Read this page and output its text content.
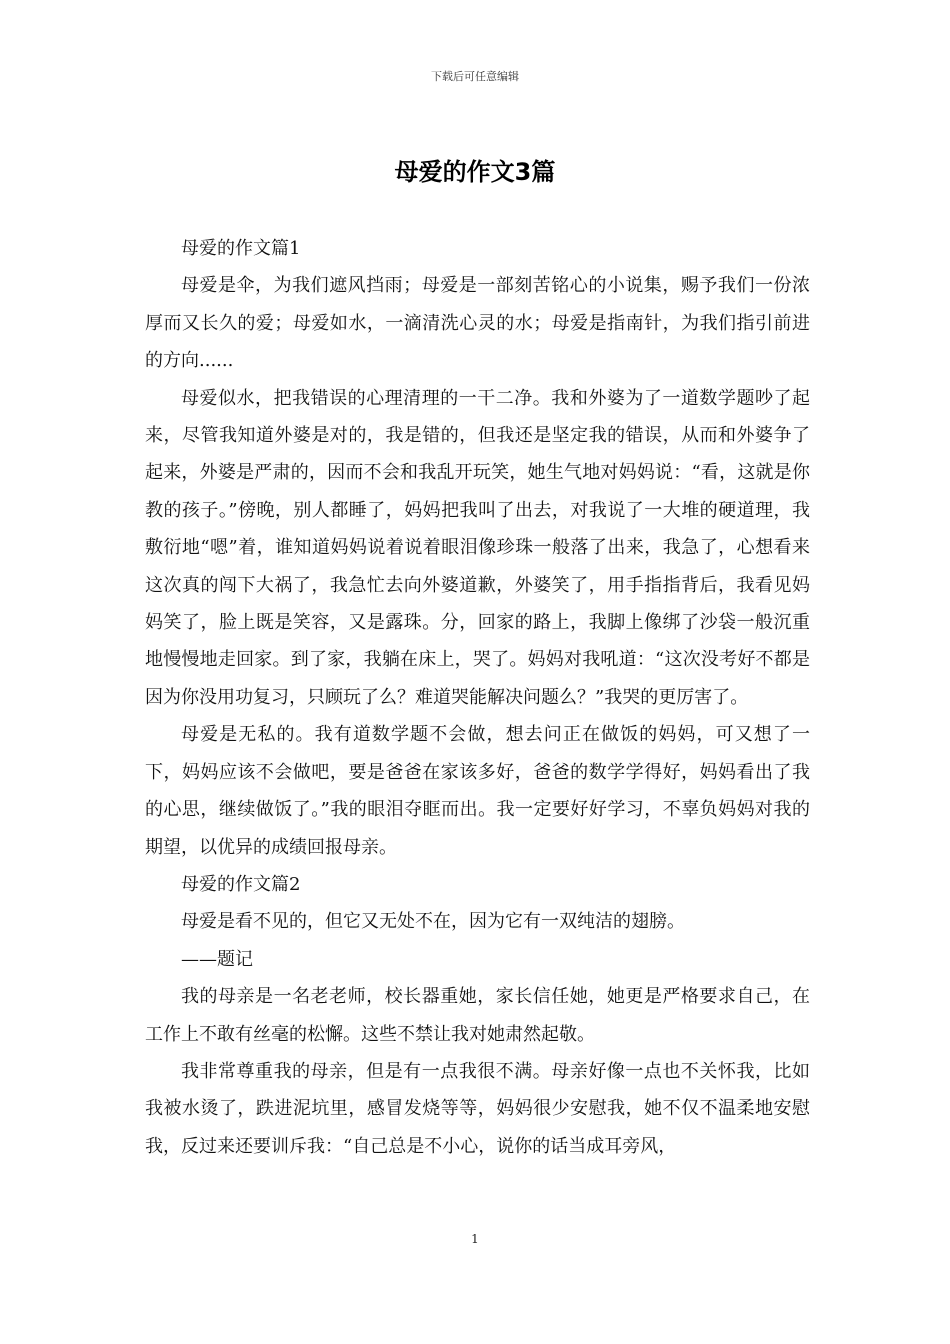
下载后可任意编辑
母爱的作文3篇

母爱的作文篇1

母爱是伞，为我们遮风挡雨；母爱是一部刻苦铭心的小说集，赐予我们一份浓厚而又长久的爱；母爱如水，一滴清洗心灵的水；母爱是指南针，为我们指引前进的方向......

母爱似水，把我错误的心理清理的一干二净。我和外婆为了一道数学题吵了起来，尽管我知道外婆是对的，我是错的，但我还是坚定我的错误，从而和外婆争了起来，外婆是严肃的，因而不会和我乱开玩笑，她生气地对妈妈说：“看，这就是你教的孩子。”傍晚，别人都睡了，妈妈把我叫了出去，对我说了一大堆的硬道理，我敷衍地“嗯”着，谁知道妈妈说着说着眼泪像珍珠一般落了出来，我急了，心想看来这次真的闯下大祸了，我急忙去向外婆道歉，外婆笑了，用手指指背后，我看见妈妈笑了，脸上既是笑容，又是露珠。分，回家的路上，我脚上像绑了沙袋一般沉重地慢慢地走回家。到了家，我躺在床上，哭了。妈妈对我吼道：“这次没考好不都是因为你没用功复习，只顾玩了么？难道哭能解决问题么？”我哭的更厉害了。

母爱是无私的。我有道数学题不会做，想去问正在做饭的妈妈，可又想了一下，妈妈应该不会做吧，要是爸爸在家该多好，爸爸的数学学得好，妈妈看出了我的心思，继续做饭了。”我的眼泪夺眶而出。我一定要好好学习，不辜负妈妈对我的期望，以优异的成绩回报母亲。

母爱的作文篇2

母爱是看不见的，但它又无处不在，因为它有一双纯洁的翅膀。

——题记

我的母亲是一名老老师，校长器重她，家长信任她，她更是严格要求自己，在工作上不敢有丝毫的松懈。这些不禁让我对她肃然起敬。

我非常尊重我的母亲，但是有一点我很不满。母亲好像一点也不关怀我，比如我被水烫了，跌进泥坑里，感冒发烧等等，妈妈很少安慰我，她不仅不温柔地安慰我，反过来还要训斥我：“自己总是不小心，说你的话当成耳旁风，

1
